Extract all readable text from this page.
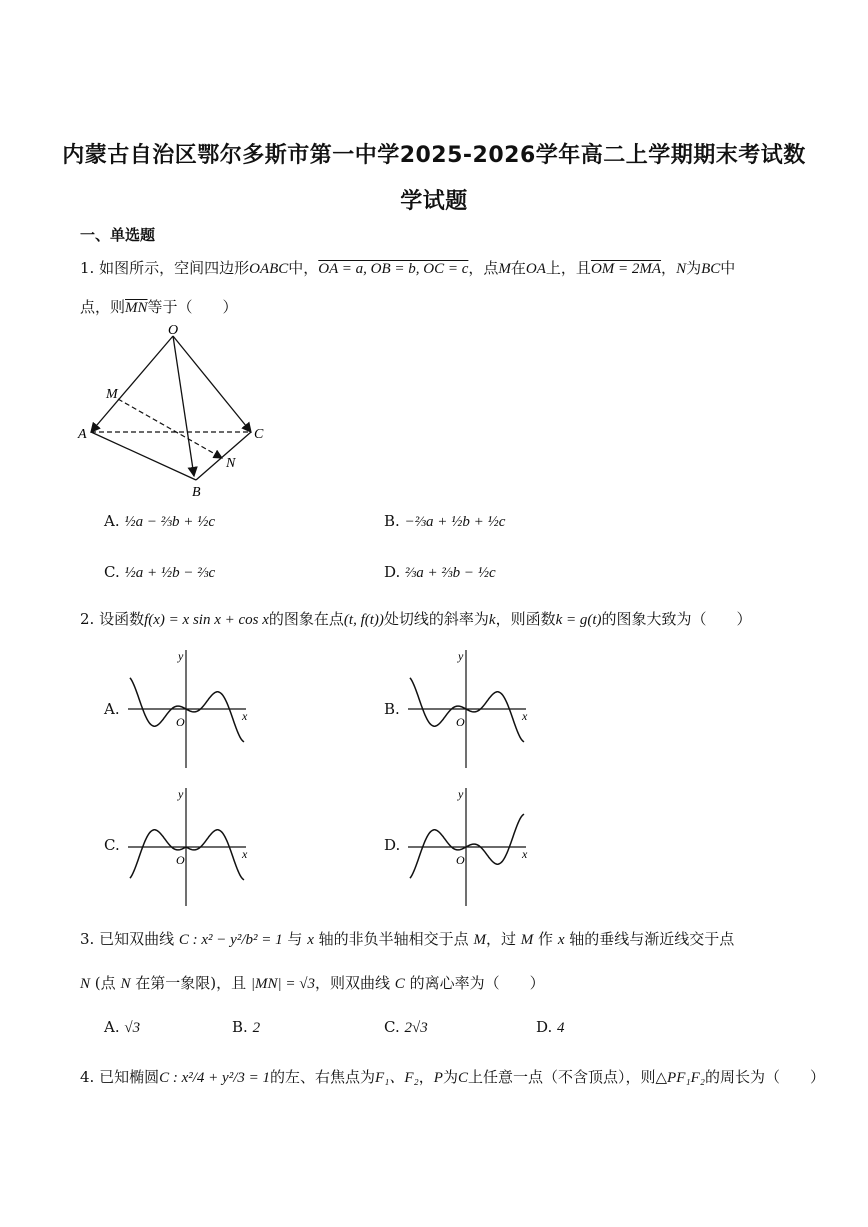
内蒙古自治区鄂尔多斯市第一中学2025-2026学年高二上学期期末考试数
学试题
一、单选题
1. 如图所示，空间四边形OABC中，OA = a, OB = b, OC = c，点M在OA上，且OM = 2MA，N为BC中
点，则$\overline{MN}$等于（　　）
O
M
A	C
N
B
A. ½a − ⅔b + ½c	B. −⅔a + ½b + ½c
C. ½a + ½b − ⅔c	D. ⅔a + ⅔b − ½c
2. 设函数f(x) = x sin x + cos x的图象在点(t, f(t))处切线的斜率为k，则函数k = g(t)的图象大致为（　　）
A.	B.
C.	D.
y
x
O
y
x
O
y
x
O
y
x
O
3. 已知双曲线 C : x² − y²/b² = 1 与 x 轴的非负半轴相交于点 M，过 M 作 x 轴的垂线与渐近线交于点
N (点 N 在第一象限)，且 |MN| = √3，则双曲线 C 的离心率为（　　）
A. √3	B. 2	C. 2√3	D. 4
4. 已知椭圆C : x²/4 + y²/3 = 1的左、右焦点为F₁、F₂，P为C上任意一点（不含顶点），则△PF₁F₂的周长为（　　）
